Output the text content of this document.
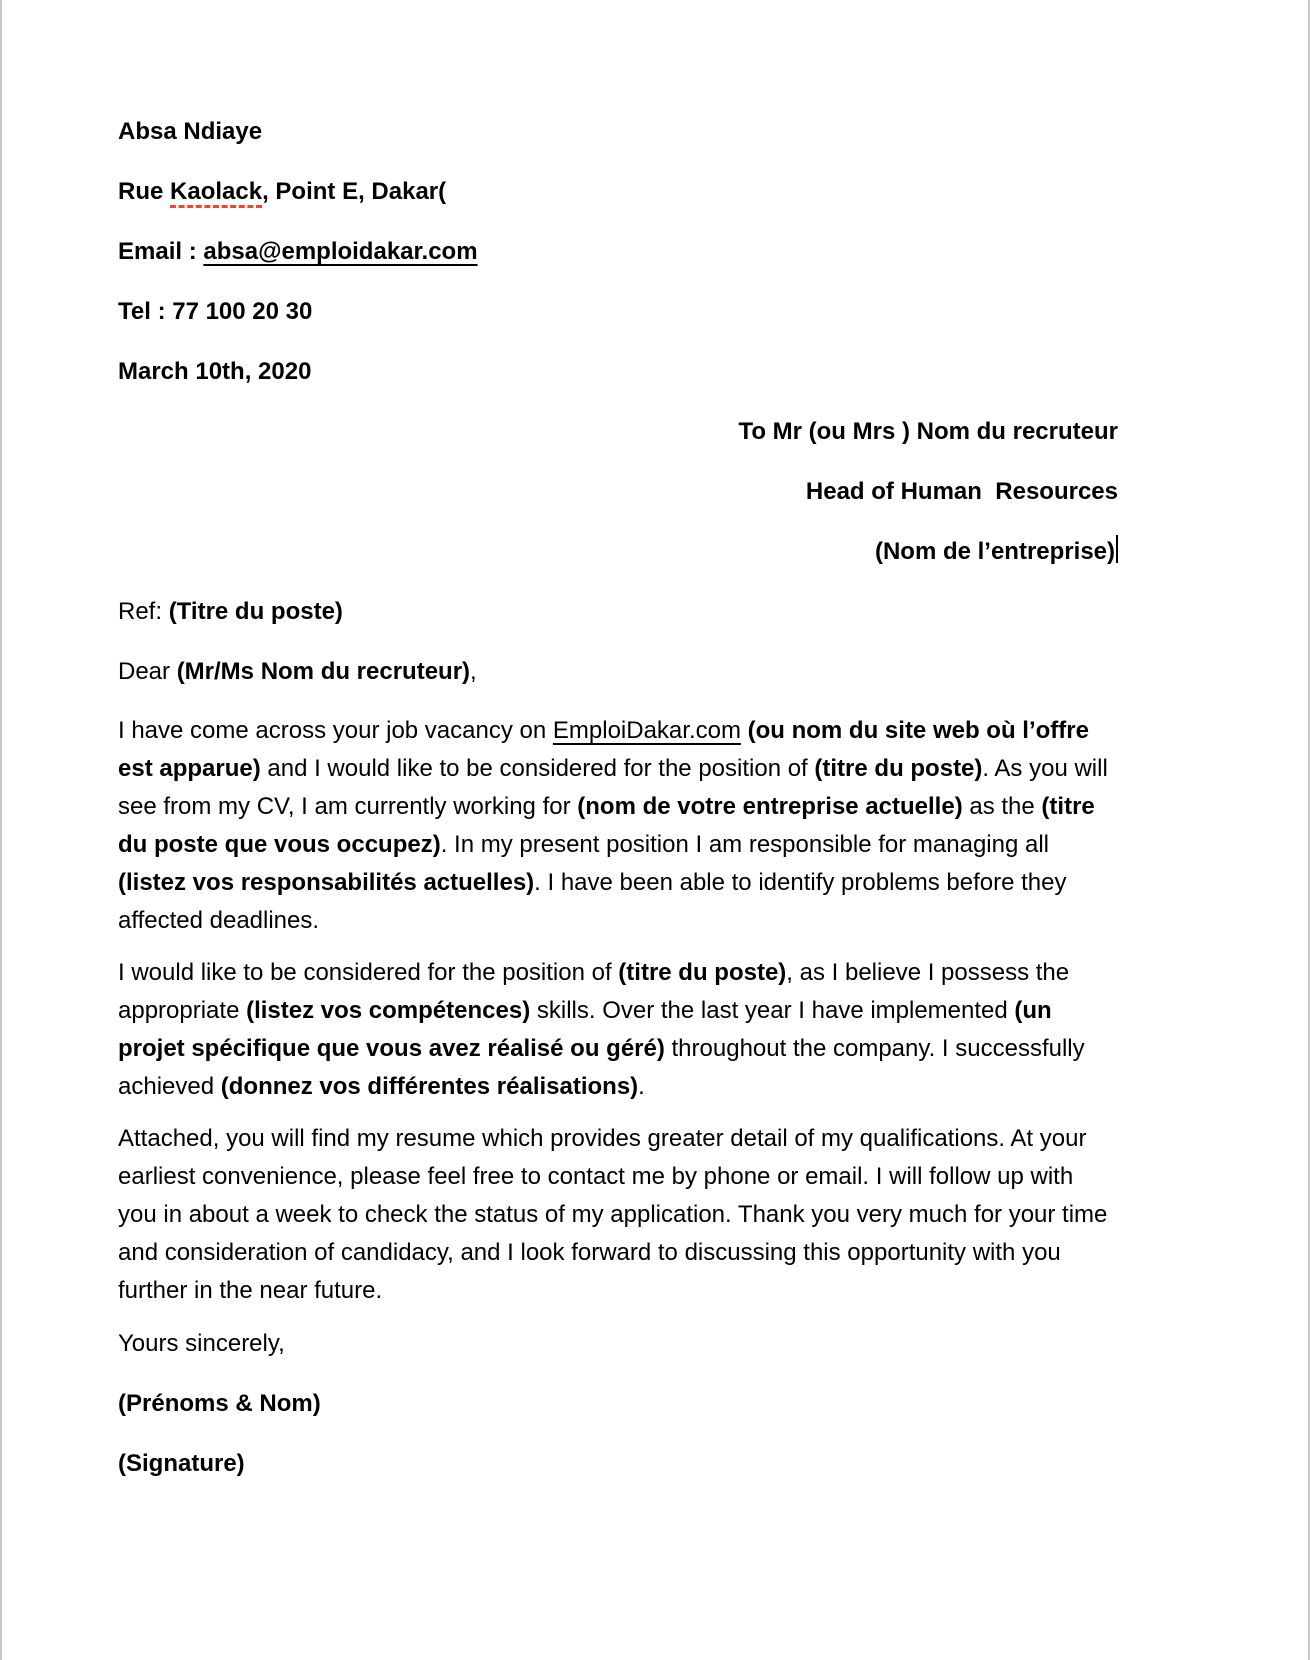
Absa Ndiaye

Rue Kaolack, Point E, Dakar(

Email : absa@emploidakar.com

Tel : 77 100 20 30

March 10th, 2020

To Mr (ou Mrs ) Nom du recruteur

Head of Human  Resources

(Nom de l’entreprise)

Ref: (Titre du poste)

Dear (Mr/Ms Nom du recruteur),

I have come across your job vacancy on EmploiDakar.com (ou nom du site web où l’offre est apparue) and I would like to be considered for the position of (titre du poste). As you will see from my CV, I am currently working for (nom de votre entreprise actuelle) as the (titre du poste que vous occupez). In my present position I am responsible for managing all (listez vos responsabilités actuelles). I have been able to identify problems before they affected deadlines.

I would like to be considered for the position of (titre du poste), as I believe I possess the appropriate (listez vos compétences) skills. Over the last year I have implemented (un projet spécifique que vous avez réalisé ou géré) throughout the company. I successfully achieved (donnez vos différentes réalisations).

Attached, you will find my resume which provides greater detail of my qualifications. At your earliest convenience, please feel free to contact me by phone or email. I will follow up with you in about a week to check the status of my application. Thank you very much for your time and consideration of candidacy, and I look forward to discussing this opportunity with you further in the near future.

Yours sincerely,

(Prénoms & Nom)

(Signature)
